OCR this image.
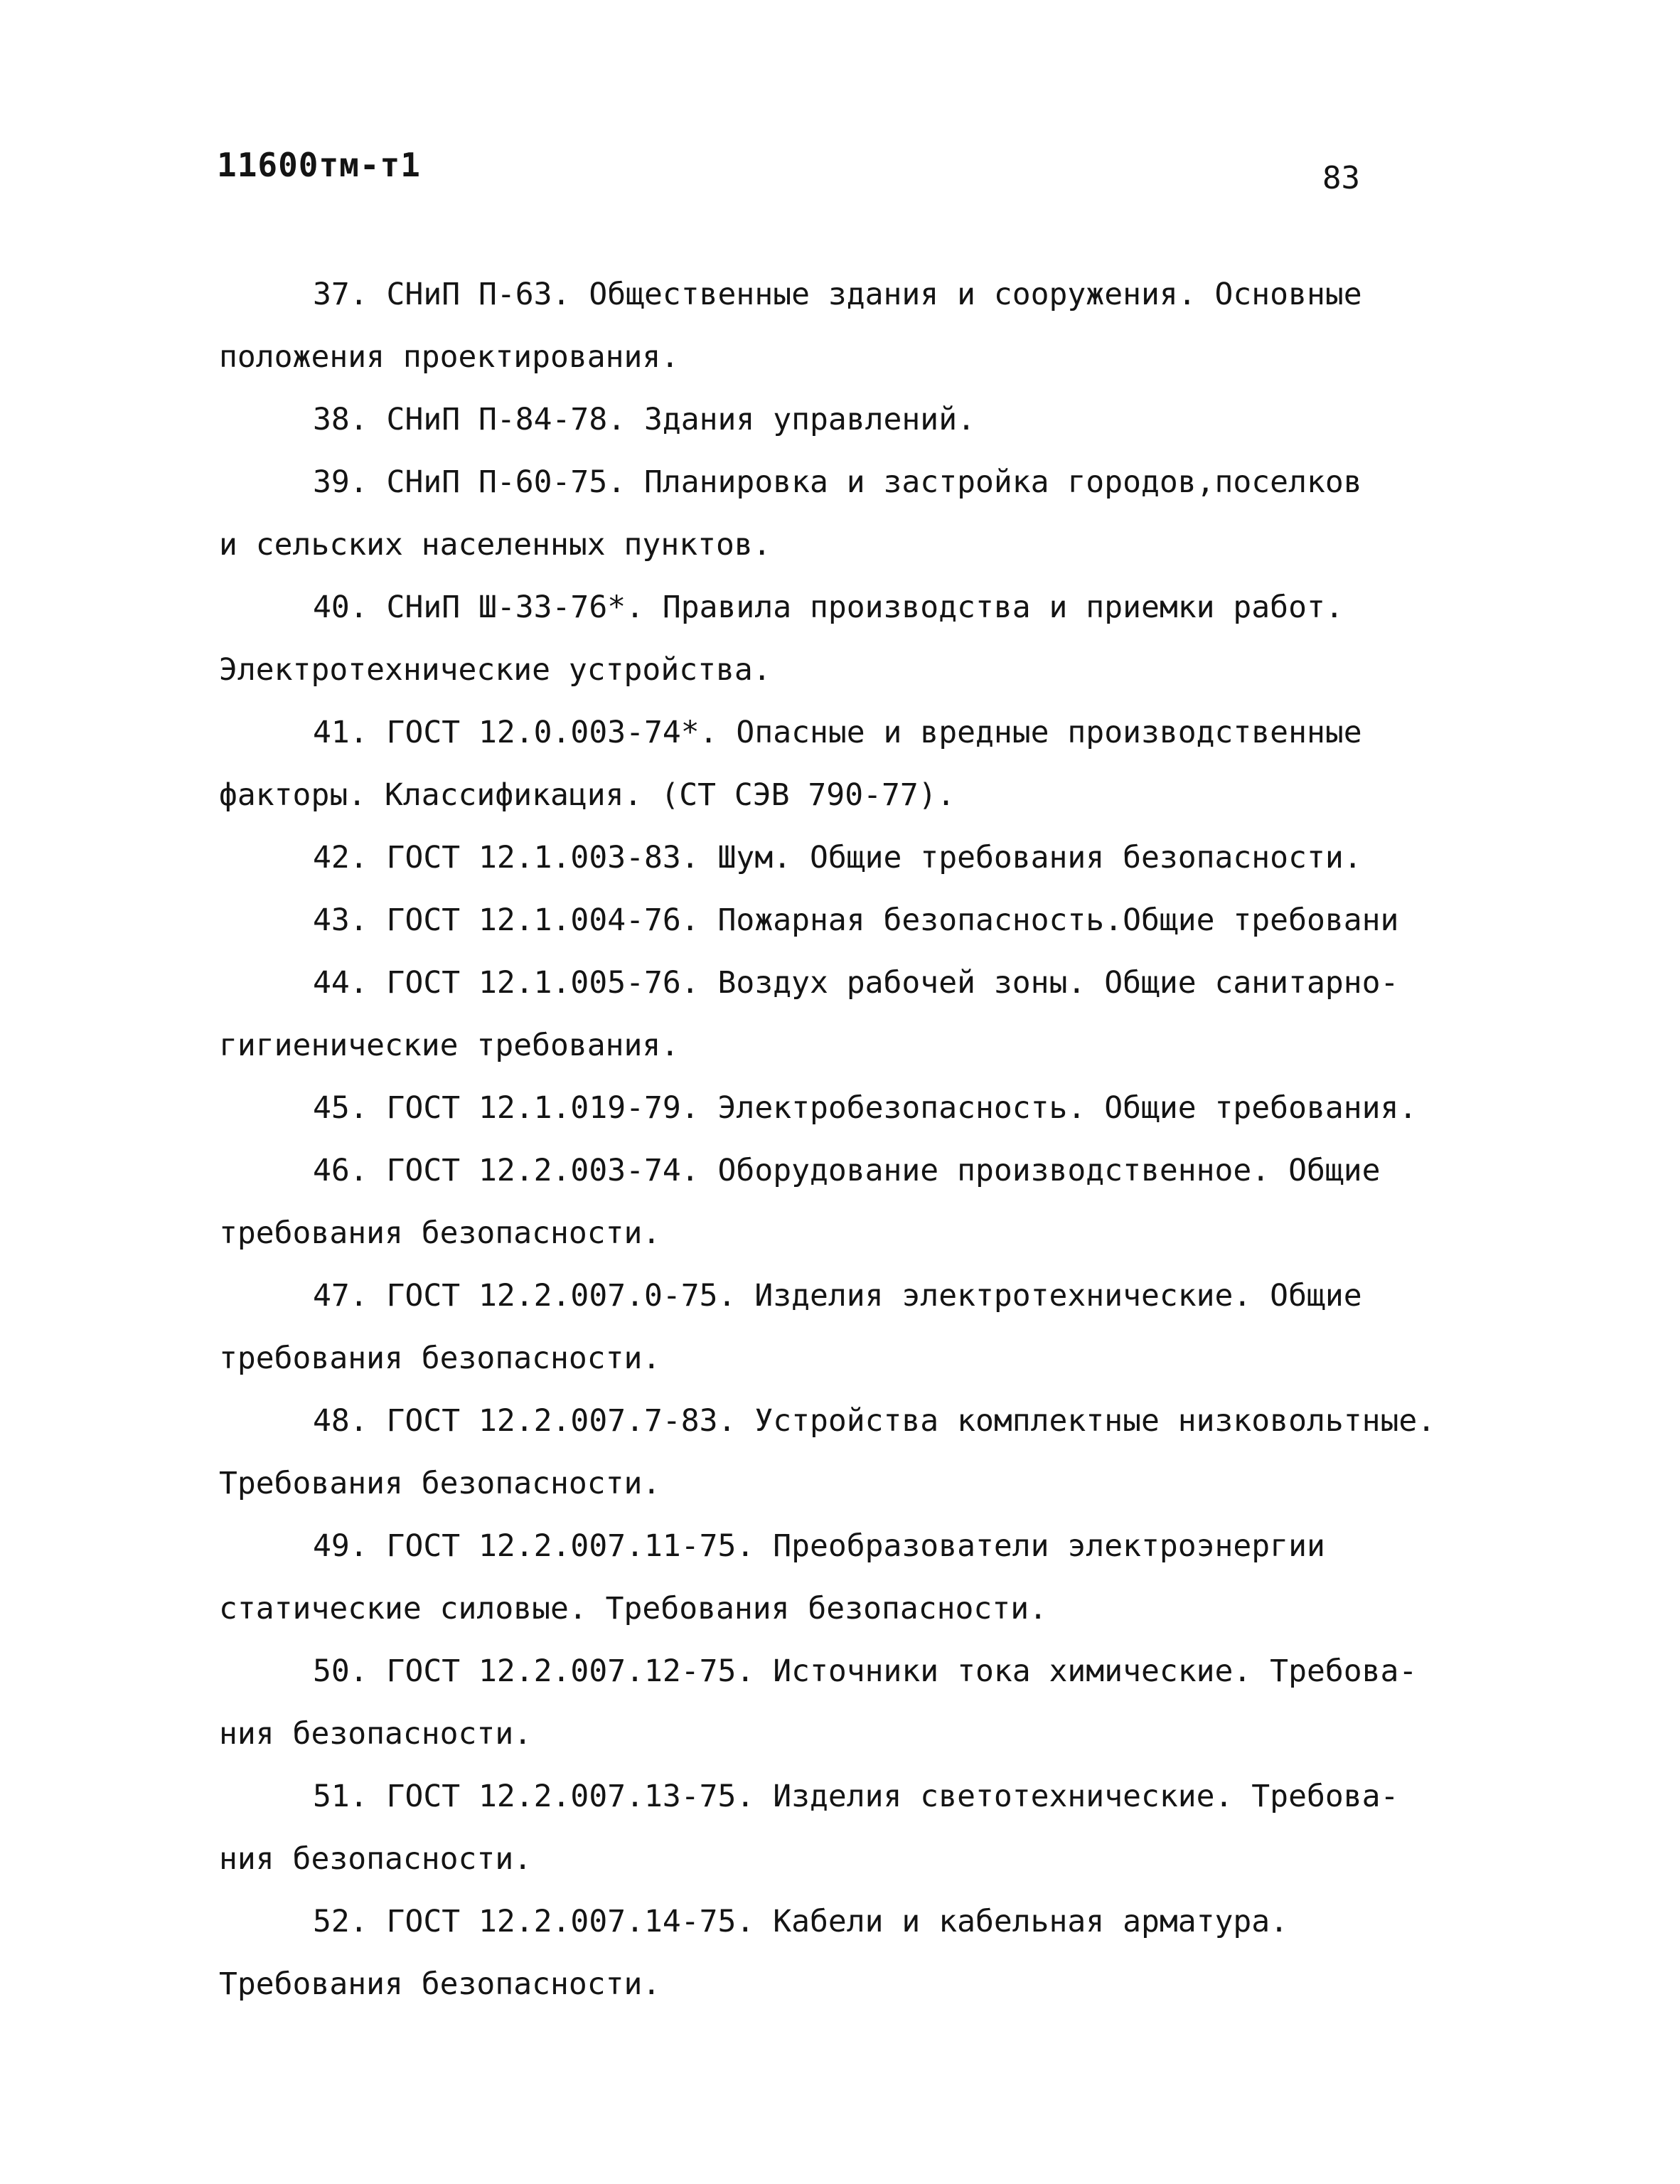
11600тм-т1	83

37. СНиП П-63. Общественные здания и сооружения. Основные
положения проектирования.

38. СНиП П-84-78. Здания управлений.

39. СНиП П-60-75. Планировка и застройка городов,поселков
и сельских населенных пунктов.

40. СНиП Ш-33-76*. Правила производства и приемки работ.
Электротехнические устройства.

41. ГОСТ 12.0.003-74*. Опасные и вредные производственные
факторы. Классификация. (СТ СЭВ 790-77).

42. ГОСТ 12.1.003-83. Шум. Общие требования безопасности.

43. ГОСТ 12.1.004-76. Пожарная безопасность.Общие требовани

44. ГОСТ 12.1.005-76. Воздух рабочей зоны. Общие санитарно-
гигиенические требования.

45. ГОСТ 12.1.019-79. Электробезопасность. Общие требования.

46. ГОСТ 12.2.003-74. Оборудование производственное. Общие
требования безопасности.

47. ГОСТ 12.2.007.0-75. Изделия электротехнические. Общие
требования безопасности.

48. ГОСТ 12.2.007.7-83. Устройства комплектные низковольтные.
Требования безопасности.

49. ГОСТ 12.2.007.11-75. Преобразователи электроэнергии
статические силовые. Требования безопасности.

50. ГОСТ 12.2.007.12-75. Источники тока химические. Требова-
ния безопасности.

51. ГОСТ 12.2.007.13-75. Изделия светотехнические. Требова-
ния безопасности.

52. ГОСТ 12.2.007.14-75. Кабели и кабельная арматура.
Требования безопасности.
